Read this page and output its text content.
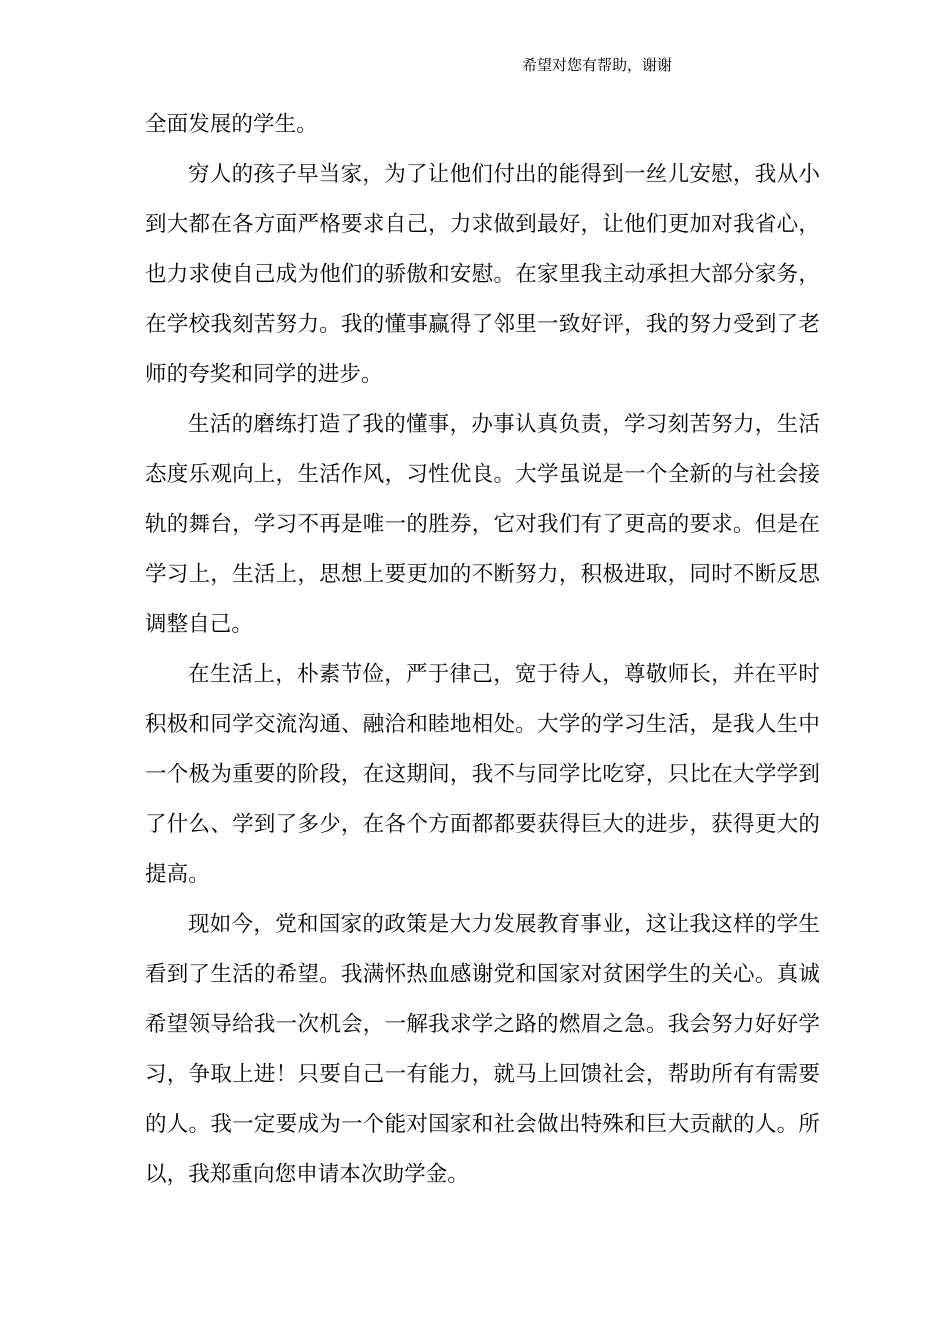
希望对您有帮助，谢谢

全面发展的学生。

穷人的孩子早当家，为了让他们付出的能得到一丝儿安慰，我从小到大都在各方面严格要求自己，力求做到最好，让他们更加对我省心，也力求使自己成为他们的骄傲和安慰。在家里我主动承担大部分家务，在学校我刻苦努力。我的懂事赢得了邻里一致好评，我的努力受到了老师的夸奖和同学的进步。

生活的磨练打造了我的懂事，办事认真负责，学习刻苦努力，生活态度乐观向上，生活作风，习性优良。大学虽说是一个全新的与社会接轨的舞台，学习不再是唯一的胜券，它对我们有了更高的要求。但是在学习上，生活上，思想上要更加的不断努力，积极进取，同时不断反思调整自己。

在生活上，朴素节俭，严于律己，宽于待人，尊敬师长，并在平时积极和同学交流沟通、融洽和睦地相处。大学的学习生活，是我人生中一个极为重要的阶段，在这期间，我不与同学比吃穿，只比在大学学到了什么、学到了多少，在各个方面都都要获得巨大的进步，获得更大的提高。

现如今，党和国家的政策是大力发展教育事业，这让我这样的学生看到了生活的希望。我满怀热血感谢党和国家对贫困学生的关心。真诚希望领导给我一次机会，一解我求学之路的燃眉之急。我会努力好好学习，争取上进！只要自己一有能力，就马上回馈社会，帮助所有有需要的人。我一定要成为一个能对国家和社会做出特殊和巨大贡献的人。所以，我郑重向您申请本次助学金。
